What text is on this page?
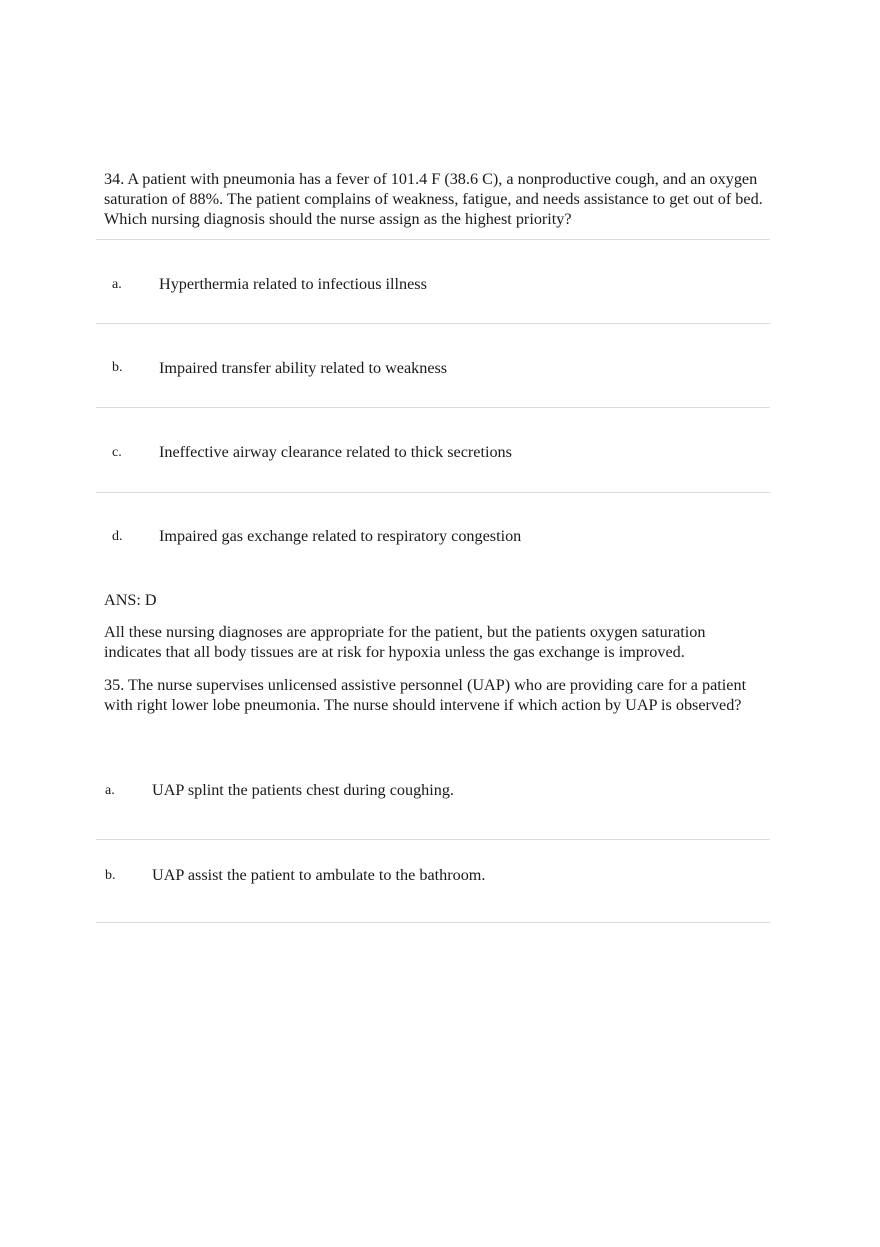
34. A patient with pneumonia has a fever of 101.4 F (38.6 C), a nonproductive cough, and an oxygen saturation of 88%. The patient complains of weakness, fatigue, and needs assistance to get out of bed. Which nursing diagnosis should the nurse assign as the highest priority?
a. Hyperthermia related to infectious illness
b. Impaired transfer ability related to weakness
c. Ineffective airway clearance related to thick secretions
d. Impaired gas exchange related to respiratory congestion
ANS: D
All these nursing diagnoses are appropriate for the patient, but the patients oxygen saturation indicates that all body tissues are at risk for hypoxia unless the gas exchange is improved.
35. The nurse supervises unlicensed assistive personnel (UAP) who are providing care for a patient with right lower lobe pneumonia. The nurse should intervene if which action by UAP is observed?
a. UAP splint the patients chest during coughing.
b. UAP assist the patient to ambulate to the bathroom.
